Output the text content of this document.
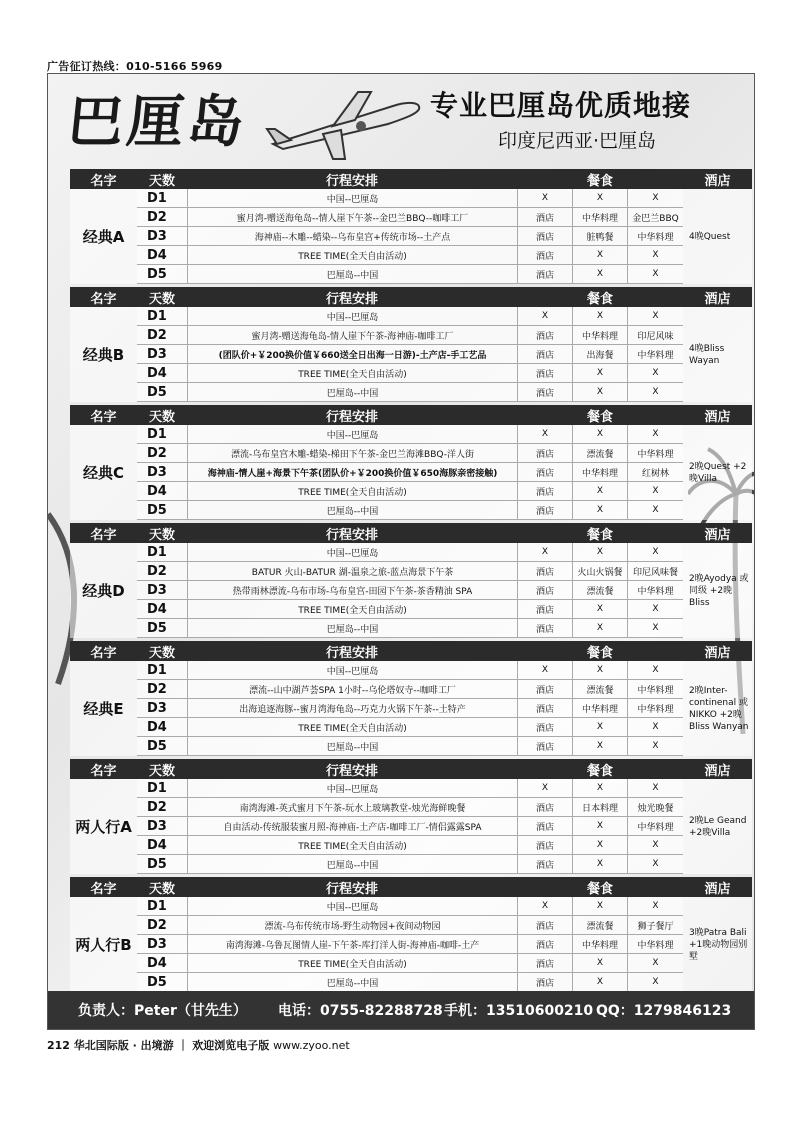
广告征订热线：010-5166 5969
巴厘岛	专业巴厘岛优质地接
印度尼西亚·巴厘岛
名字	天数	行程安排	餐食	酒店
经典A
D1	中国--巴厘岛	X	X	X
D2	蜜月湾-赠送海龟岛--情人崖下午茶--金巴兰BBQ--咖啡工厂	酒店	中华料理	金巴兰BBQ
D3	海神庙--木雕--蜡染--乌布皇宫+传统市场--土产点	酒店	脏鸭餐	中华料理
D4	TREE TIME(全天自由活动)	酒店	X	X
D5	巴厘岛--中国	酒店	X	X
4晚Quest
名字	天数	行程安排	餐食	酒店
经典B
D1	中国--巴厘岛	X	X	X
D2	蜜月湾-赠送海龟岛-情人崖下午茶-海神庙-咖啡工厂	酒店	中华料理	印尼风味
D3	(团队价+￥200换价值￥660送全日出海一日游)-土产店-手工艺品	酒店	出海餐	中华料理
D4	TREE TIME(全天自由活动)	酒店	X	X
D5	巴厘岛--中国	酒店	X	X
4晚Bliss Wayan
名字	天数	行程安排	餐食	酒店
经典C
D1	中国--巴厘岛	X	X	X
D2	漂流-乌布皇宫木雕-蜡染-梯田下午茶-金巴兰海滩BBQ-洋人街	酒店	漂流餐	中华料理
D3	海神庙-情人崖+海景下午茶(团队价+￥200换价值￥650海豚亲密接触)	酒店	中华料理	红树林
D4	TREE TIME(全天自由活动)	酒店	X	X
D5	巴厘岛--中国	酒店	X	X
2晚Quest +2晚Villa
名字	天数	行程安排	餐食	酒店
经典D
D1	中国--巴厘岛	X	X	X
D2	BATUR 火山-BATUR 湖-温泉之旅-蓝点海景下午茶	酒店	火山火锅餐	印尼风味餐
D3	热带雨林漂流-乌布市场-乌布皇宫-田园下午茶-茶香精油 SPA	酒店	漂流餐	中华料理
D4	TREE TIME(全天自由活动)	酒店	X	X
D5	巴厘岛--中国	酒店	X	X
2晚Ayodya 或同级 +2晚Bliss
名字	天数	行程安排	餐食	酒店
经典E
D1	中国--巴厘岛	X	X	X
D2	漂流--山中湖芦荟SPA 1小时--乌伦塔奴寺--咖啡工厂	酒店	漂流餐	中华料理
D3	出海追逐海豚--蜜月湾海龟岛--巧克力火锅下午茶--土特产	酒店	中华料理	中华料理
D4	TREE TIME(全天自由活动)	酒店	X	X
D5	巴厘岛--中国	酒店	X	X
2晚Inter-continenal 或NIKKO +2晚Bliss Wanyan
名字	天数	行程安排	餐食	酒店
两人行A
D1	中国--巴厘岛	X	X	X
D2	南湾海滩-英式蜜月下午茶-玩水上玻璃教堂-烛光海鲜晚餐	酒店	日本料理	烛光晚餐
D3	自由活动-传统服装蜜月照-海神庙-土产店-咖啡工厂-情侣露露SPA	酒店	X	中华料理
D4	TREE TIME(全天自由活动)	酒店	X	X
D5	巴厘岛--中国	酒店	X	X
2晚Le Geand +2晚Villa
名字	天数	行程安排	餐食	酒店
两人行B
D1	中国--巴厘岛	X	X	X
D2	漂流-乌布传统市场-野生动物园+夜间动物园	酒店	漂流餐	狮子餐厅
D3	南湾海滩-乌鲁瓦图情人崖-下午茶-库打洋人街-海神庙-咖啡-土产	酒店	中华料理	中华料理
D4	TREE TIME(全天自由活动)	酒店	X	X
D5	巴厘岛--中国	酒店	X	X
3晚Patra Bali +1晚动物园别墅
负责人：Peter（甘先生） 电话：0755-82288728 手机：13510600210 QQ：1279846123
212 华北国际版 · 出境游 ｜ 欢迎浏览电子版 www.zyoo.net
